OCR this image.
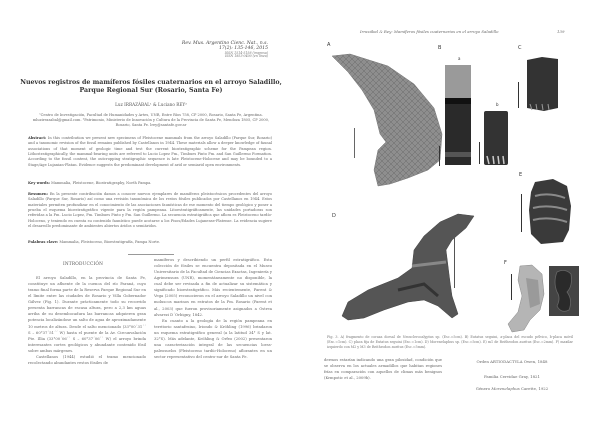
Rev. Mus. Argentino Cienc. Nat., n.s.
17(2): 135-146, 2015
ISSN 1514-5158 (impresa)
ISSN 1853-0400 (en línea)
Nuevos registros de mamíferos fósiles cuaternarios en el arroyo Saladillo, Parque Regional Sur (Rosario, Santa Fe)
Luz IRRAZÁBAL¹ & Luciano REY²
¹Centro de Investigación, Facultad de Humanidades y Artes, UNR, Entre Ríos 758, CP 2000, Rosario, Santa Fe, Argentina. mluzirrazabal@gmail.com. ²Patrimonio, Ministerio de Innovación y Cultura de la Provincia de Santa Fe, Mendoza 1805, CP 2000, Rosario, Santa Fe. lrey@santafe.gov.ar
Abstract: In this contribution we present new specimens of Pleistocene mammals from the arroyo Saladillo (Parque Sur, Rosario) and a taxonomic revision of the fossil remains published by Castellanos in 1944. These materials allow a deeper knowledge of faunal associations of that moment of geologic time and test the current biostratigraphic scheme for the Pampean region. Lithostratigraphically, the mammal-bearing units are referred to Lucio Lopez Fm., Timbues Pinto Fm. and San Guillermo Formation. According to the fossil content, the outcropping stratigraphic sequence is late Pleistocene-Holocene and may be bounded to a Stage/Age Lujanian-Platan. Evidence suggests the predominant development of arid or semiarid open environments.
Key words: Mammalia, Pleistocene, Biostratigraphy, North Pampa.
Resumen: En la presente contribución damos a conocer nuevos ejemplares de mamíferos pleistocénicos procedentes del arroyo Saladillo (Parque Sur, Rosario) así como una revisión taxonómica de los restos fósiles publicados por Castellanos en 1944. Estos materiales permiten profundizar en el conocimiento de las asociaciones faunísticas de ese momento del tiempo geológico y poner a prueba el esquema bioestratigráfico vigente para la región pampeana. Litoestratigráficamente, las unidades portadoras son referidas a la Fm. Lucio Lopez, Fm. Timbues Pinto y Fm. San Guillermo. La secuencia estratigráfica que aflora es Pleistoceno tardío-Holoceno, y teniendo en cuenta su contenido faunístico puede acotarse a los Pisos/Edades Lujanense-Platense. La evidencia sugiere el desarrollo predominante de ambientes abiertos áridos o semiáridos.
Palabras clave: Mammalia, Pleistoceno, Bioestratigrafía, Pampa Norte.
INTRODUCCIÓN

El arroyo Saladillo, en la provincia de Santa Fe, constituye un afluente de la cuenca del río Paraná, cuyo tramo final forma parte de la Reserva Parque Regional Sur en el límite entre las ciudades de Rosario y Villa Gobernador Gálvez (Fig. 1). Durante prácticamente todo su recorrido presenta barrancas de escasa altura, pero a 2,3 km aguas arriba de su desembocadura las barrancas adquieren gran potencia localizándose un salto de agua de aproximadamente 10 metros de altura. Desde el salto mencionado (33°00´31´´ S – 60°37´51´´ W) hasta el puente de la Av. Circunvalación Pte. Illia (33°00´06´´ S – 60°37´06´´ W) el arroyo brinda interesantes cortes geológicos y abundante contenido fósil sobre ambas márgenes.

Castellanos (1944) estudió el tramo mencionado recolectando abundantes restos fósiles de

mamíferos y describiendo un perfil estratigráfico. Esta colección de fósiles se encuentra depositada en el Museo Universitario de la Facultad de Ciencias Exactas, Ingeniería y Agrimensura (UNR), momentáneamente no disponible, la cual debe ser revisada a fin de actualizar su sistemática y significado bioestratigráfico. Más recientemente, Parent & Vega (2005) reconocieron en el arroyo Saladillo un nivel con moluscos marinos en estratos de la Fm. Rosario (Parent et al., 2003) que fueron provisoriamente asignados a Ostrea alvarezi D´Orbigny, 1842.

En cuanto a la geología de la región pampeana en territorio santafesino, Iriondo & Kröhling (1996) brindaron un esquema estratigráfico general (a la latitud 34° S y lat. 32°S). Más adelante, Kröhling & Orfeo (2002) presentaron una caracterización integral de las secuencias loess-paleosuelos (Pleistoceno tardío-Holoceno) aflorantes en un sector representativo del centro-sur de Santa Fe.

Irrazábal & Rey: Mamíferos fósiles cuaternarios en el arroyo Saladillo	139
A	B
a
b
C
D
E
F
Fig. 3. A) fragmento de coraza dorsal de Neosclerocalyptus sp. (Esc.=5cm). B) Eutatus seguini, a-placa del escudo pélvico, b-placa móvil (Esc.=1cm). C) placa fija de Eutatus seguini (Esc.=1cm). D) Morenelaphus sp. (Esc.=5cm). E) m1 de Reithrodon auritus (Esc.=2mm). F) maxilar izquierdo con M2 y M3 de Reithrodon auritus (Esc.=5mm).

dermos estarían indicando una gran pilosidad, condición que se observa en los actuales armadillos que habitan regiones frías en comparación con aquellos de climas más benignos (Krmpotic et al., 2009b).

Orden ARTIODACTYLA Owen, 1848
Familia Cervidae Gray, 1821
Género Morenelaphus Carette, 1922
